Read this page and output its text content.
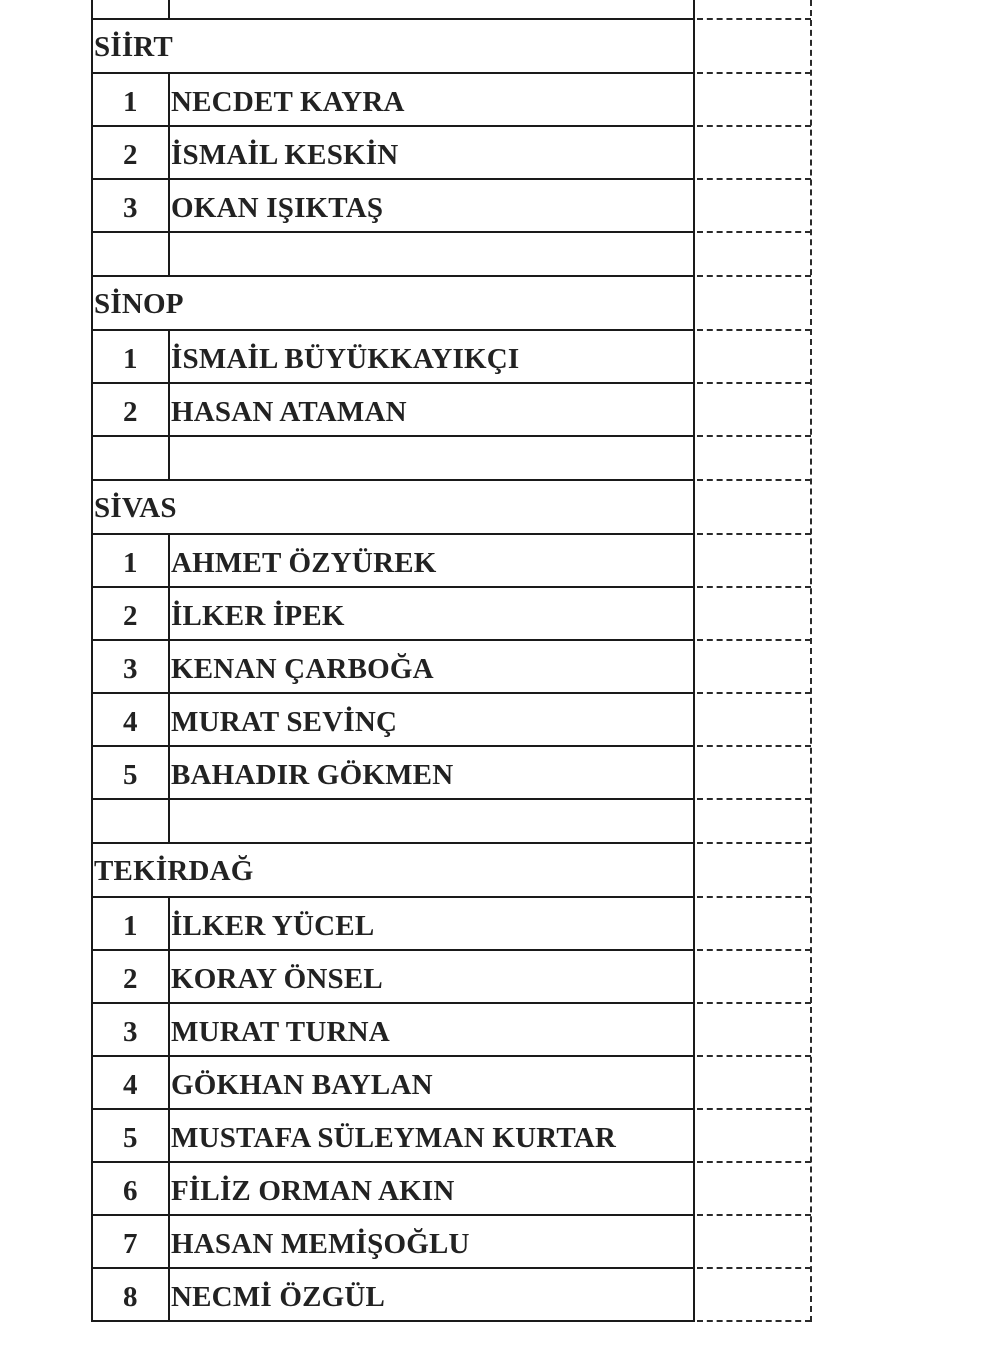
SİİRT
1 NECDET KAYRA
2 İSMAİL KESKİN
3 OKAN IŞIKTAŞ
SİNOP
1 İSMAİL BÜYÜKKAYIKÇI
2 HASAN ATAMAN
SİVAS
1 AHMET ÖZYÜREK
2 İLKER İPEK
3 KENAN ÇARBOĞA
4 MURAT SEVİNÇ
5 BAHADIR GÖKMEN
TEKİRDAĞ
1 İLKER YÜCEL
2 KORAY ÖNSEL
3 MURAT TURNA
4 GÖKHAN BAYLAN
5 MUSTAFA SÜLEYMAN KURTAR
6 FİLİZ ORMAN AKIN
7 HASAN MEMİŞOĞLU
8 NECMİ ÖZGÜL
